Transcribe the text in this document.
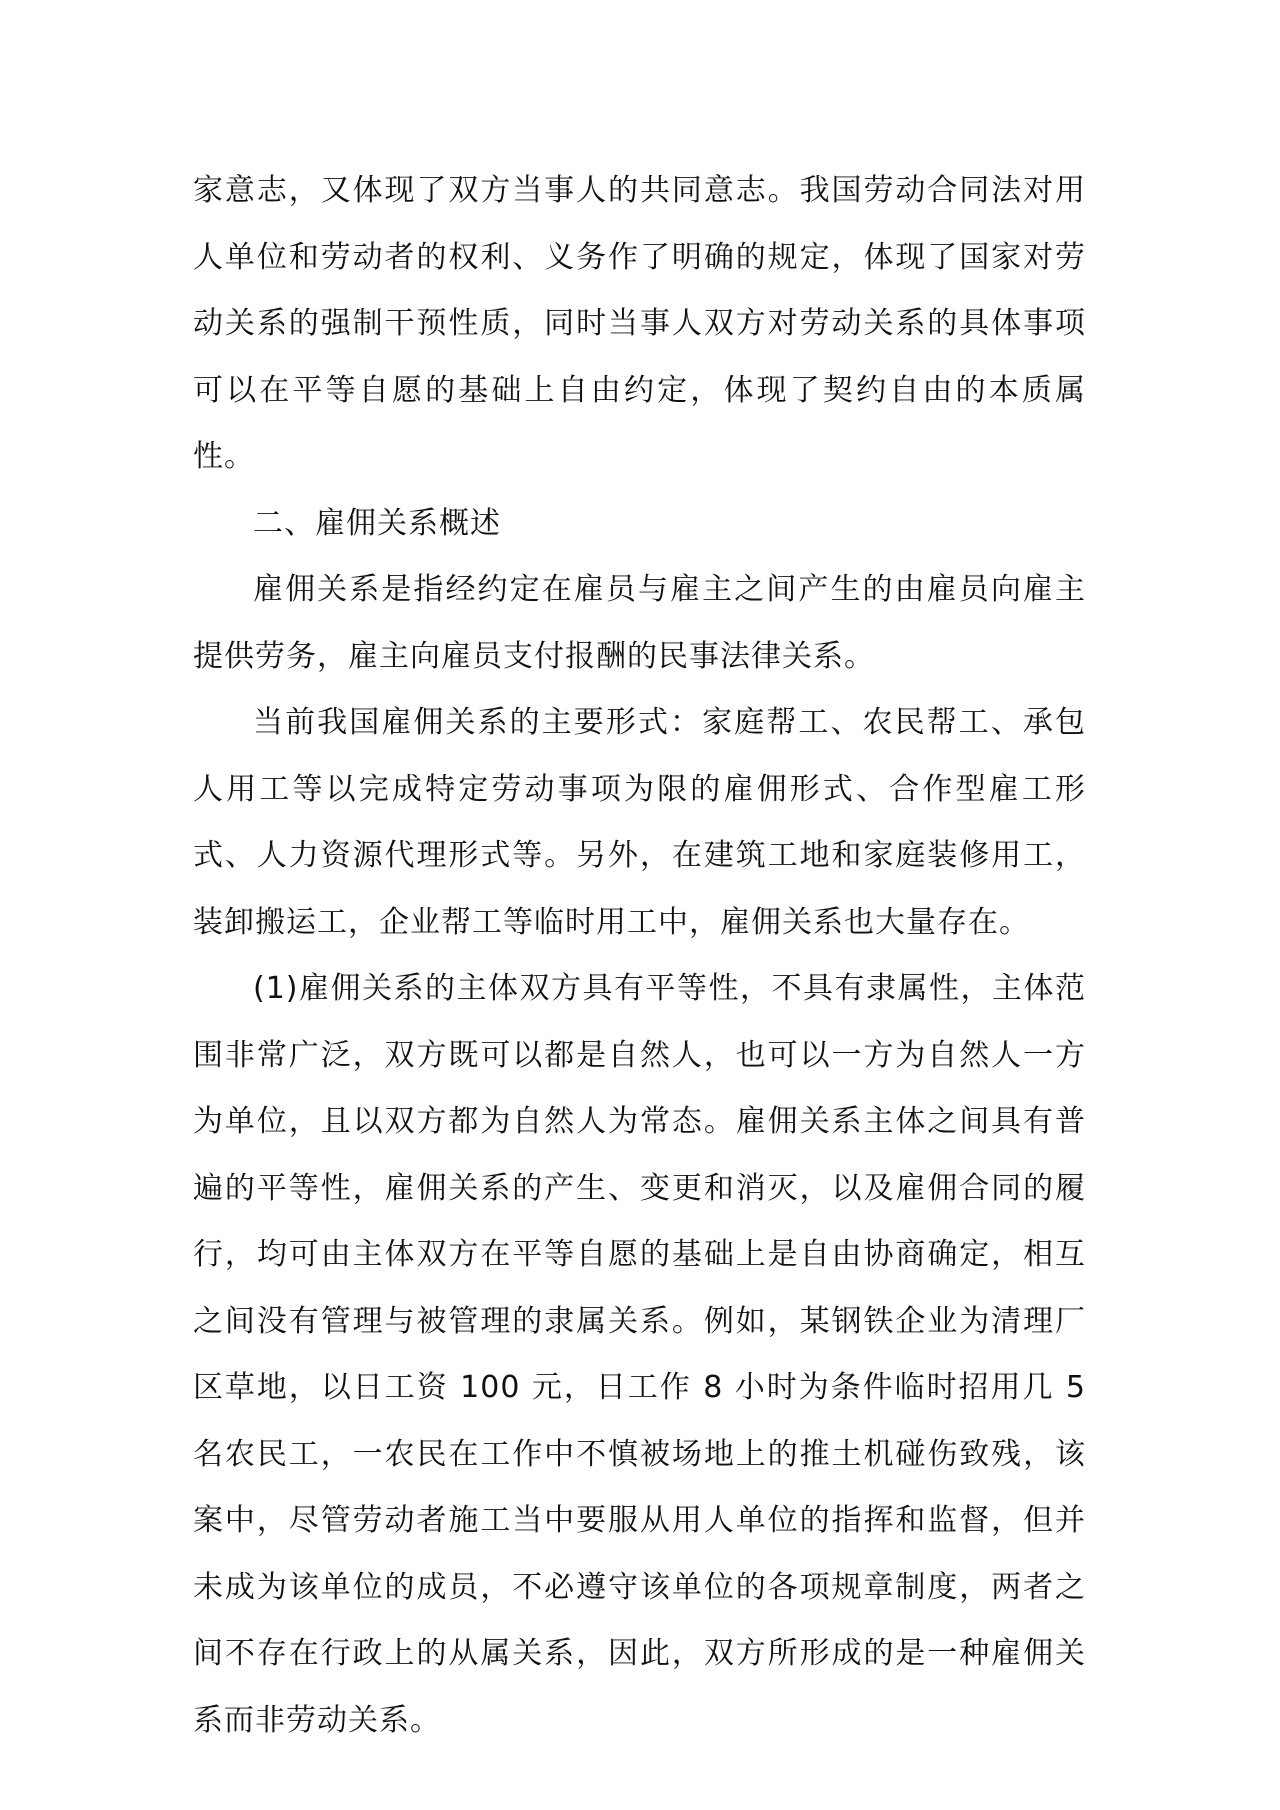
家意志，又体现了双方当事人的共同意志。我国劳动合同法对用人单位和劳动者的权利、义务作了明确的规定，体现了国家对劳动关系的强制干预性质，同时当事人双方对劳动关系的具体事项可以在平等自愿的基础上自由约定，体现了契约自由的本质属性。

二、雇佣关系概述

雇佣关系是指经约定在雇员与雇主之间产生的由雇员向雇主提供劳务，雇主向雇员支付报酬的民事法律关系。

当前我国雇佣关系的主要形式：家庭帮工、农民帮工、承包人用工等以完成特定劳动事项为限的雇佣形式、合作型雇工形式、人力资源代理形式等。另外，在建筑工地和家庭装修用工，装卸搬运工，企业帮工等临时用工中，雇佣关系也大量存在。

(1)雇佣关系的主体双方具有平等性，不具有隶属性，主体范围非常广泛，双方既可以都是自然人，也可以一方为自然人一方为单位，且以双方都为自然人为常态。雇佣关系主体之间具有普遍的平等性，雇佣关系的产生、变更和消灭，以及雇佣合同的履行，均可由主体双方在平等自愿的基础上是自由协商确定，相互之间没有管理与被管理的隶属关系。例如，某钢铁企业为清理厂区草地，以日工资 100 元，日工作 8 小时为条件临时招用几 5 名农民工，一农民在工作中不慎被场地上的推土机碰伤致残，该案中，尽管劳动者施工当中要服从用人单位的指挥和监督，但并未成为该单位的成员，不必遵守该单位的各项规章制度，两者之间不存在行政上的从属关系，因此，双方所形成的是一种雇佣关系而非劳动关系。
